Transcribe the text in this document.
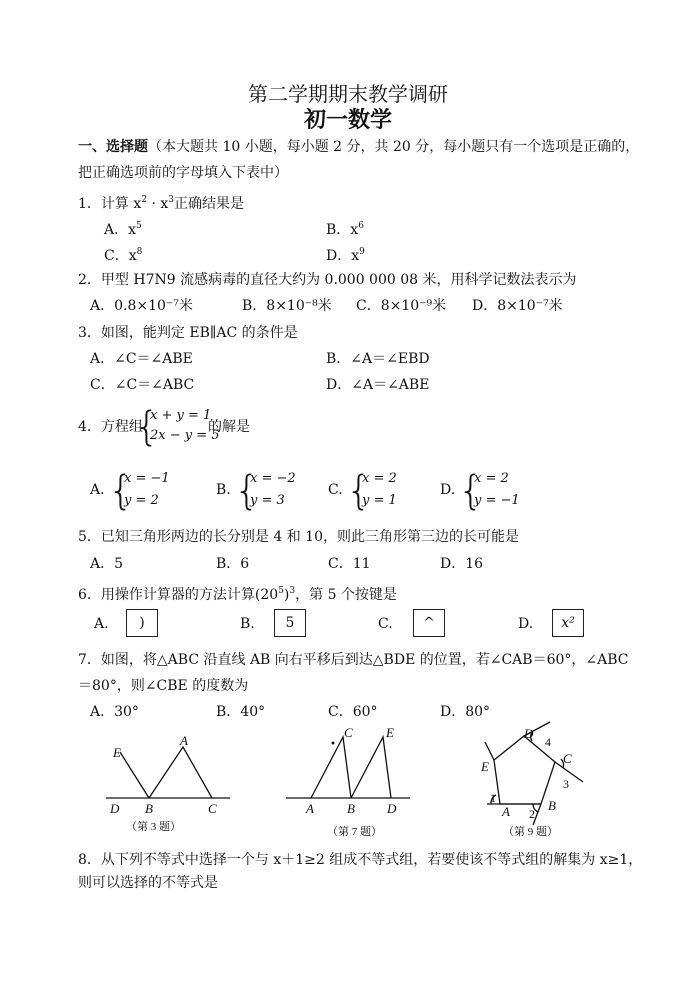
第二学期期末教学调研
初一数学
一、选择题（本大题共 10 小题，每小题 2 分，共 20 分，每小题只有一个选项是正确的，
把正确选项前的字母填入下表中）
1．计算 $x^2 \cdot x^3$正确结果是
A．$x^5$	B．$x^6$
C．$x^8$	D．$x^9$
2．甲型 H7N9 流感病毒的直径大约为 0.000 000 08 米，用科学记数法表示为
A．0.8×10⁻⁷米	B．8×10⁻⁸米 C．8×10⁻⁹米 D．8×10⁻⁷米
3．如图，能判定 EB∥AC 的条件是
A．∠C＝∠ABE	B．∠A＝∠EBD
C．∠C＝∠ABC	D．∠A＝∠ABE
4．方程组
{
x + y = 1
2x − y = 5
的解是
A. {
x = −1
y = 2
B. {
x = −2
y = 3
C. {
x = 2
y = 1
D. {
x = 2
y = −1
5．已知三角形两边的长分别是 4 和 10，则此三角形第三边的长可能是
A．5	B．6	C．11	D．16
6．用操作计算器的方法计算$(20^5)^3$，第 5 个按键是
A.	)	B.	5	C.	^	D.	x²
7．如图，将△ABC 沿直线 AB 向右平移后到达△BDE 的位置，若∠CAB＝60°，∠ABC
＝80°，则∠CBE 的度数为
A．30°	B．40°	C．60°	D．80°
E
A
D B	C
（第 3 题）
C	E
A	B D
（第 7 题）
D
4
C
E
3
1
A 2
B
（第 9 题）
8．从下列不等式中选择一个与 x＋1≥2 组成不等式组，若要使该不等式组的解集为 x≥1，
则可以选择的不等式是
